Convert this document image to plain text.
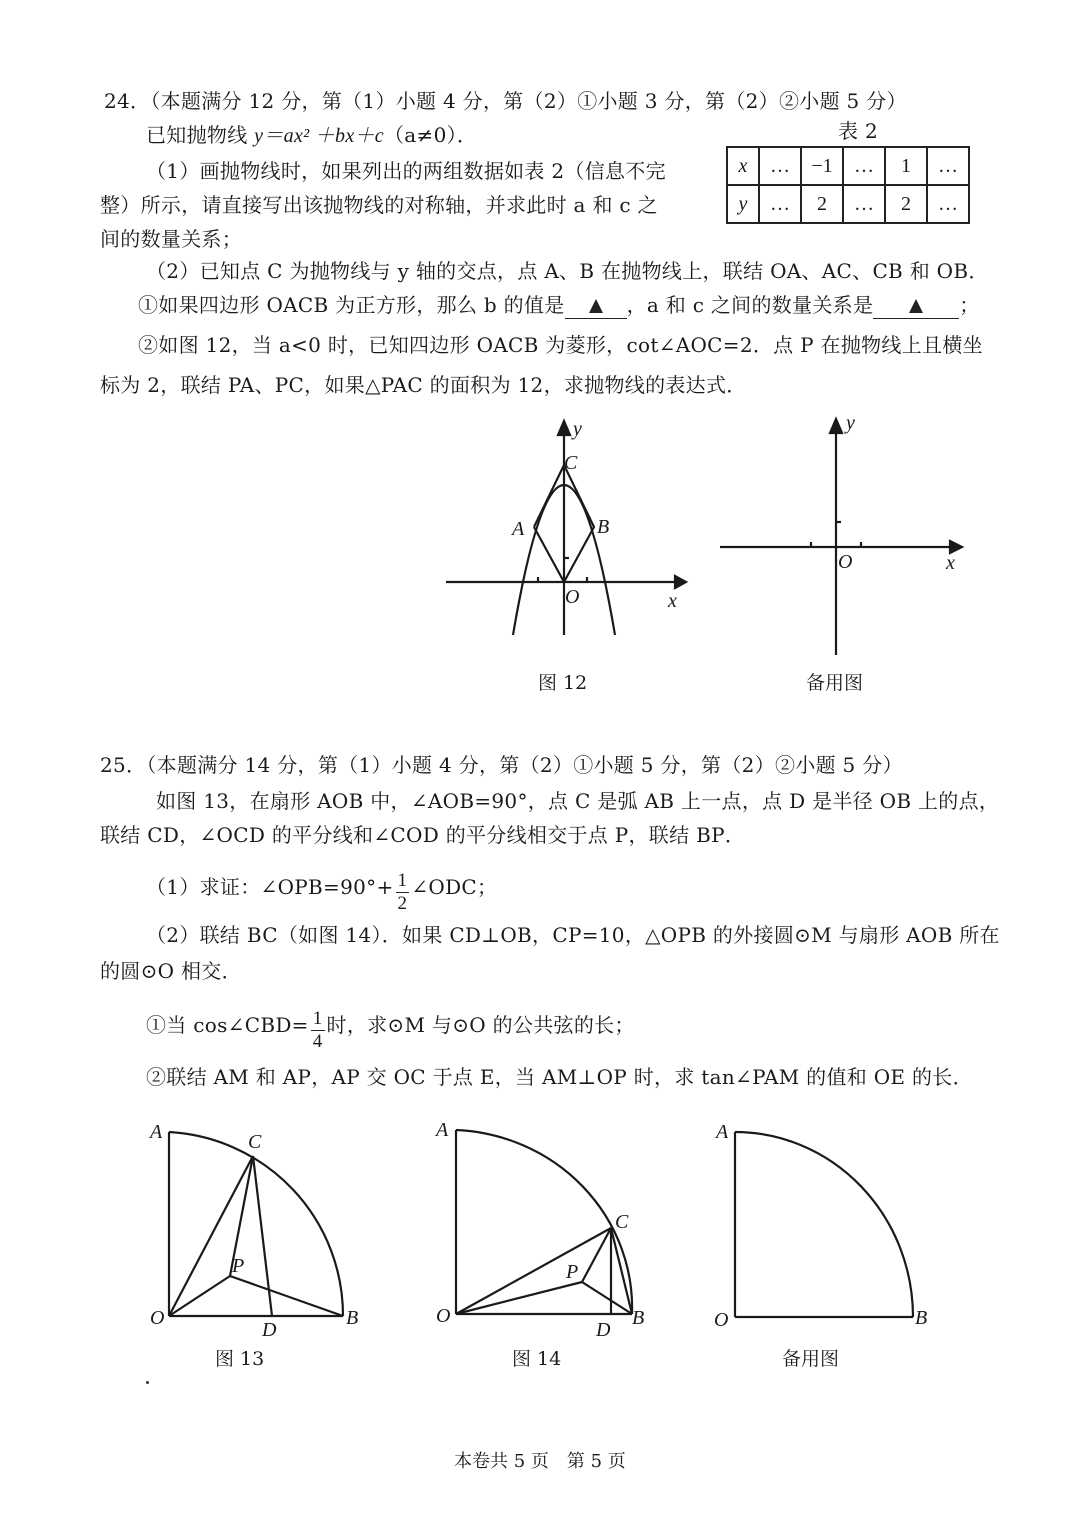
24．（本题满分 12 分，第（1）小题 4 分，第（2）①小题 3 分，第（2）②小题 5 分）
已知抛物线 y＝ax² ＋bx＋c（a≠0）．
（1）画抛物线时，如果列出的两组数据如表 2（信息不完
整）所示，请直接写出该抛物线的对称轴，并求此时 a 和 c 之
间的数量关系；
表 2
x	…	−1	…	1	…
y	…	2	…	2	…
（2）已知点 C 为抛物线与 y 轴的交点，点 A、B 在抛物线上，联结 OA、AC、CB 和 OB．
①如果四边形 OACB 为正方形，那么 b 的值是	，a 和 c 之间的数量关系是	；
②如图 12，当 a<0 时，已知四边形 OACB 为菱形，cot∠AOC=2．点 P 在抛物线上且横坐
标为 2，联结 PA、PC，如果△PAC 的面积为 12，求抛物线的表达式．
y
C
A	B
O	x
图 12
y
O	x
备用图
25．（本题满分 14 分，第（1）小题 4 分，第（2）①小题 5 分，第（2）②小题 5 分）
如图 13，在扇形 AOB 中，∠AOB=90°，点 C 是弧 AB 上一点，点 D 是半径 OB 上的点，
联结 CD，∠OCD 的平分线和∠COD 的平分线相交于点 P，联结 BP．
（1）求证：∠OPB=90°+ $\frac{1}{2}$ ∠ODC；
（2）联结 BC（如图 14）．如果 CD⊥OB，CP=10，△OPB 的外接圆⊙M 与扇形 AOB 所在
的圆⊙O 相交．
①当 cos∠CBD= $\frac{1}{4}$ 时，求⊙M 与⊙O 的公共弦的长；
②联结 AM 和 AP，AP 交 OC 于点 E，当 AM⊥OP 时，求 tan∠PAM 的值和 OE 的长．
A	C
P
O
D
B
图 13
A
C
P
O
D
B
图 14
A
O	B
备用图
本卷共 5 页　第 5 页
